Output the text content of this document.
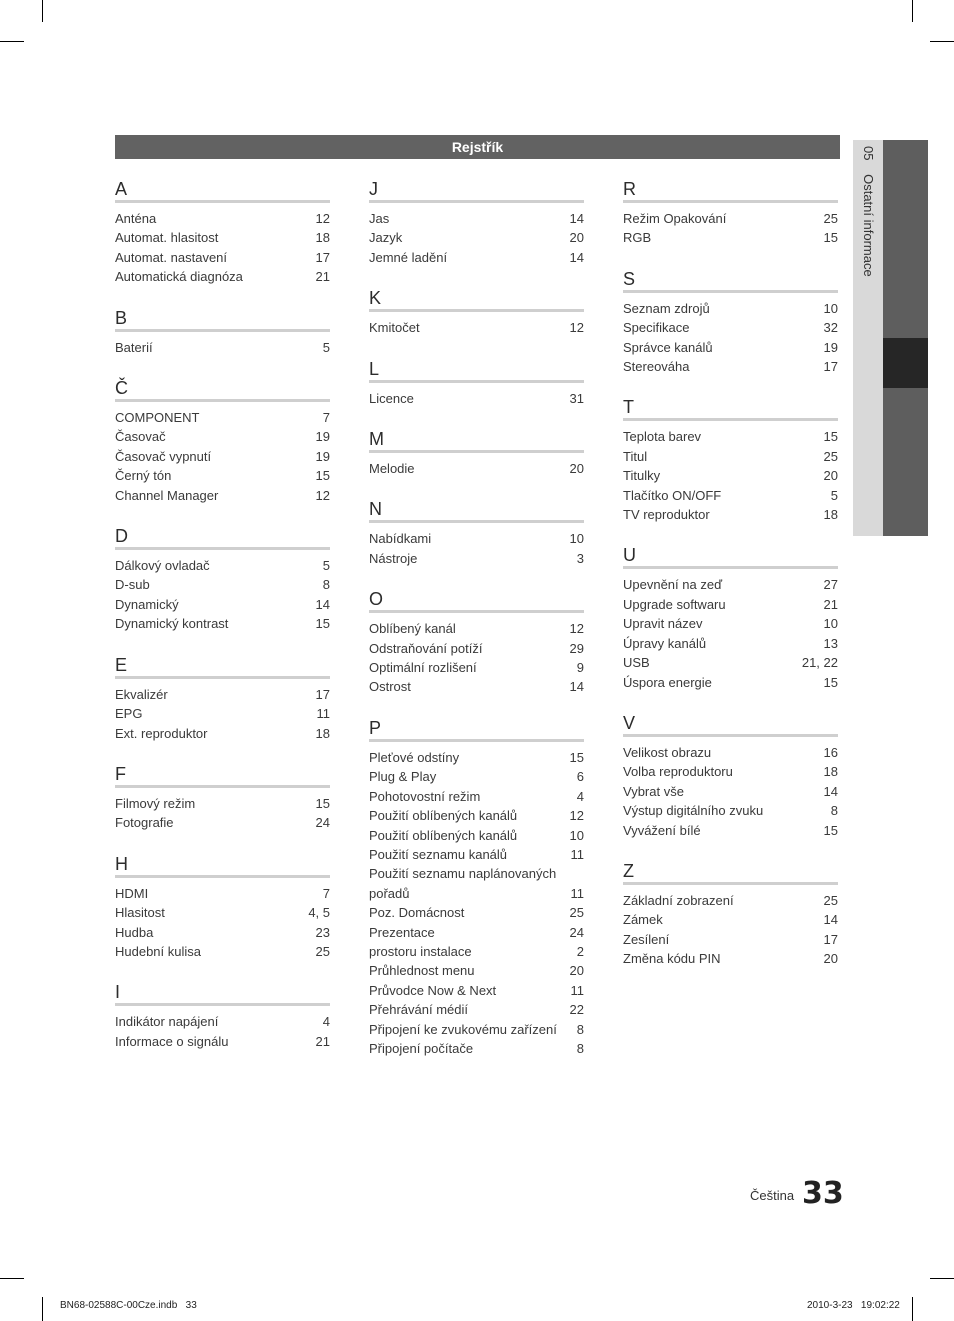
Rejstřík	05 Ostatní informace
A
Anténa	12
Automat. hlasitost	18
Automat. nastavení	17
Automatická diagnóza	21
B
Baterií	5
Č
COMPONENT	7
Časovač	19
Časovač vypnutí	19
Černý tón	15
Channel Manager	12
D
Dálkový ovladač	5
D-sub	8
Dynamický	14
Dynamický kontrast	15
E
Ekvalizér	17
EPG	11
Ext. reproduktor	18
F
Filmový režim	15
Fotografie	24
H
HDMI	7
Hlasitost	4, 5
Hudba	23
Hudební kulisa	25
I
Indikátor napájení	4
Informace o signálu	21
J
Jas	14
Jazyk	20
Jemné ladění	14
K
Kmitočet	12
L
Licence	31
M
Melodie	20
N
Nabídkami	10
Nástroje	3
O
Oblíbený kanál	12
Odstraňování potíží	29
Optimální rozlišení	9
Ostrost	14
P
Pleťové odstíny	15
Plug & Play	6
Pohotovostní režim	4
Použití oblíbených kanálů	12
Použití oblíbených kanálů	10
Použití seznamu kanálů	11
Použití seznamu naplánovaných pořadů	11
Poz. Domácnost	25
Prezentace	24
prostoru instalace	2
Průhlednost menu	20
Průvodce Now & Next	11
Přehrávání médií	22
Připojení ke zvukovému zařízení	8
Připojení počítače	8
R
Režim Opakování	25
RGB	15
S
Seznam zdrojů	10
Specifikace	32
Správce kanálů	19
Stereováha	17
T
Teplota barev	15
Titul	25
Titulky	20
Tlačítko ON/OFF	5
TV reproduktor	18
U
Upevnění na zeď	27
Upgrade softwaru	21
Upravit název	10
Úpravy kanálů	13
USB	21, 22
Úspora energie	15
V
Velikost obrazu	16
Volba reproduktoru	18
Vybrat vše	14
Výstup digitálního zvuku	8
Vyvážení bílé	15
Z
Základní zobrazení	25
Zámek	14
Zesílení	17
Změna kódu PIN	20
Čeština 33
BN68-02588C-00Cze.indb   33	2010-3-23   19:02:22
